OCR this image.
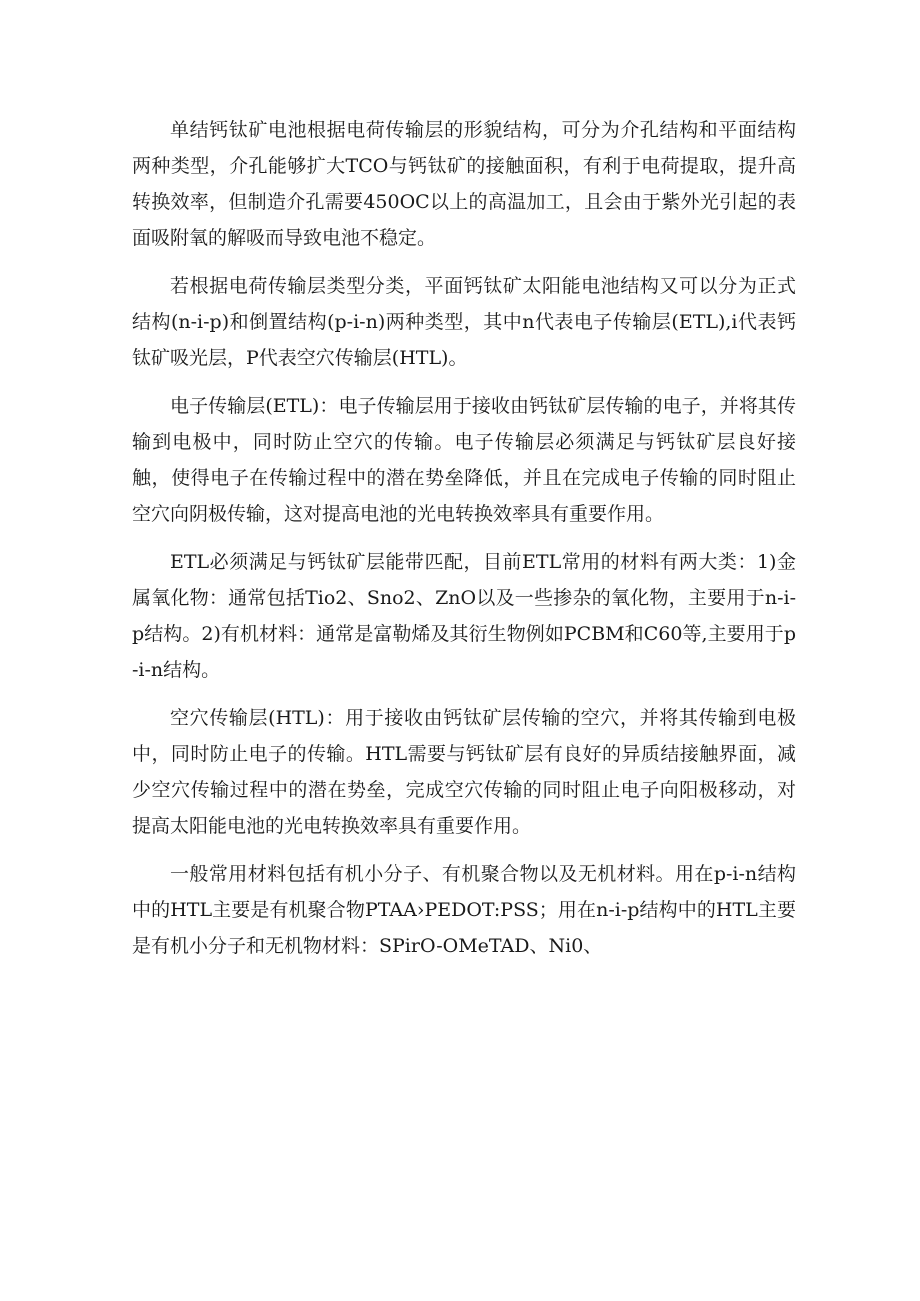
单结钙钛矿电池根据电荷传输层的形貌结构，可分为介孔结构和平面结构两种类型，介孔能够扩大TCO与钙钛矿的接触面积，有利于电荷提取，提升高转换效率，但制造介孔需要450OC以上的高温加工，且会由于紫外光引起的表面吸附氧的解吸而导致电池不稳定。

若根据电荷传输层类型分类，平面钙钛矿太阳能电池结构又可以分为正式结构(n-i-p)和倒置结构(p-i-n)两种类型，其中n代表电子传输层(ETL),i代表钙钛矿吸光层，P代表空穴传输层(HTL)。

电子传输层(ETL)：电子传输层用于接收由钙钛矿层传输的电子，并将其传输到电极中，同时防止空穴的传输。电子传输层必须满足与钙钛矿层良好接触，使得电子在传输过程中的潜在势垒降低，并且在完成电子传输的同时阻止空穴向阴极传输，这对提高电池的光电转换效率具有重要作用。

ETL必须满足与钙钛矿层能带匹配，目前ETL常用的材料有两大类：1)金属氧化物：通常包括Tio2、Sno2、ZnO以及一些掺杂的氧化物，主要用于n-i-p结构。2)有机材料：通常是富勒烯及其衍生物例如PCBM和C60等,主要用于p-i-n结构。

空穴传输层(HTL)：用于接收由钙钛矿层传输的空穴，并将其传输到电极中，同时防止电子的传输。HTL需要与钙钛矿层有良好的异质结接触界面，减少空穴传输过程中的潜在势垒，完成空穴传输的同时阻止电子向阳极移动，对提高太阳能电池的光电转换效率具有重要作用。

一般常用材料包括有机小分子、有机聚合物以及无机材料。用在p-i-n结构中的HTL主要是有机聚合物PTAA›PEDOT:PSS；用在n-i-p结构中的HTL主要是有机小分子和无机物材料：SPirO-OMeTAD、Ni0、
